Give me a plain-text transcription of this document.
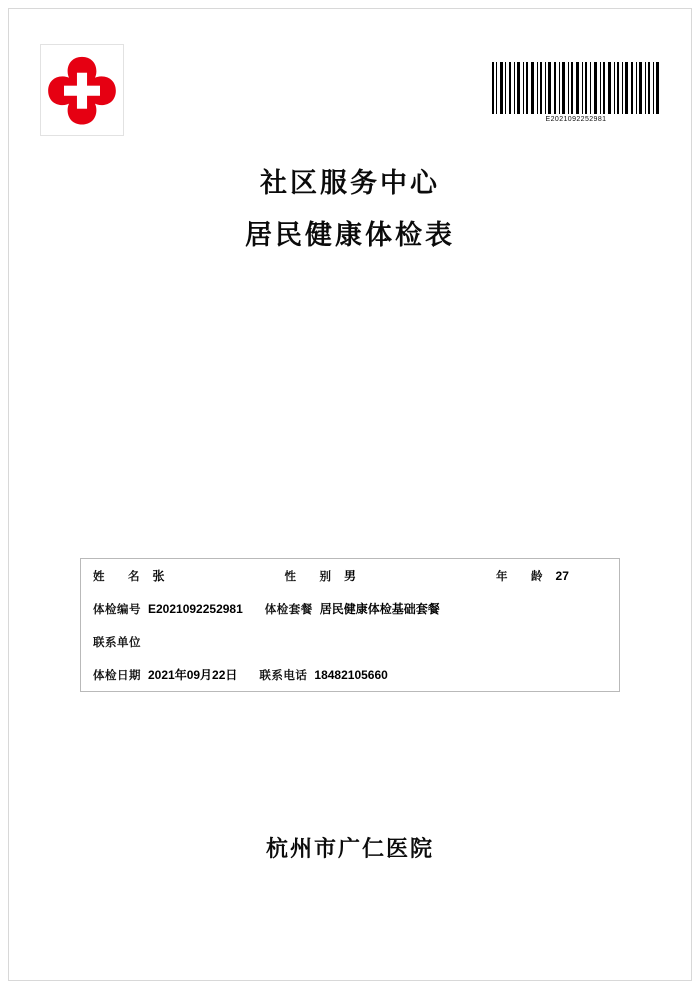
E2021092252981
社区服务中心
居民健康体检表
姓　名 张	性　别 男	年　龄 27
体检编号 E2021092252981 体检套餐 居民健康体检基础套餐
联系单位
体检日期 2021年09月22日 联系电话 18482105660
杭州市广仁医院
